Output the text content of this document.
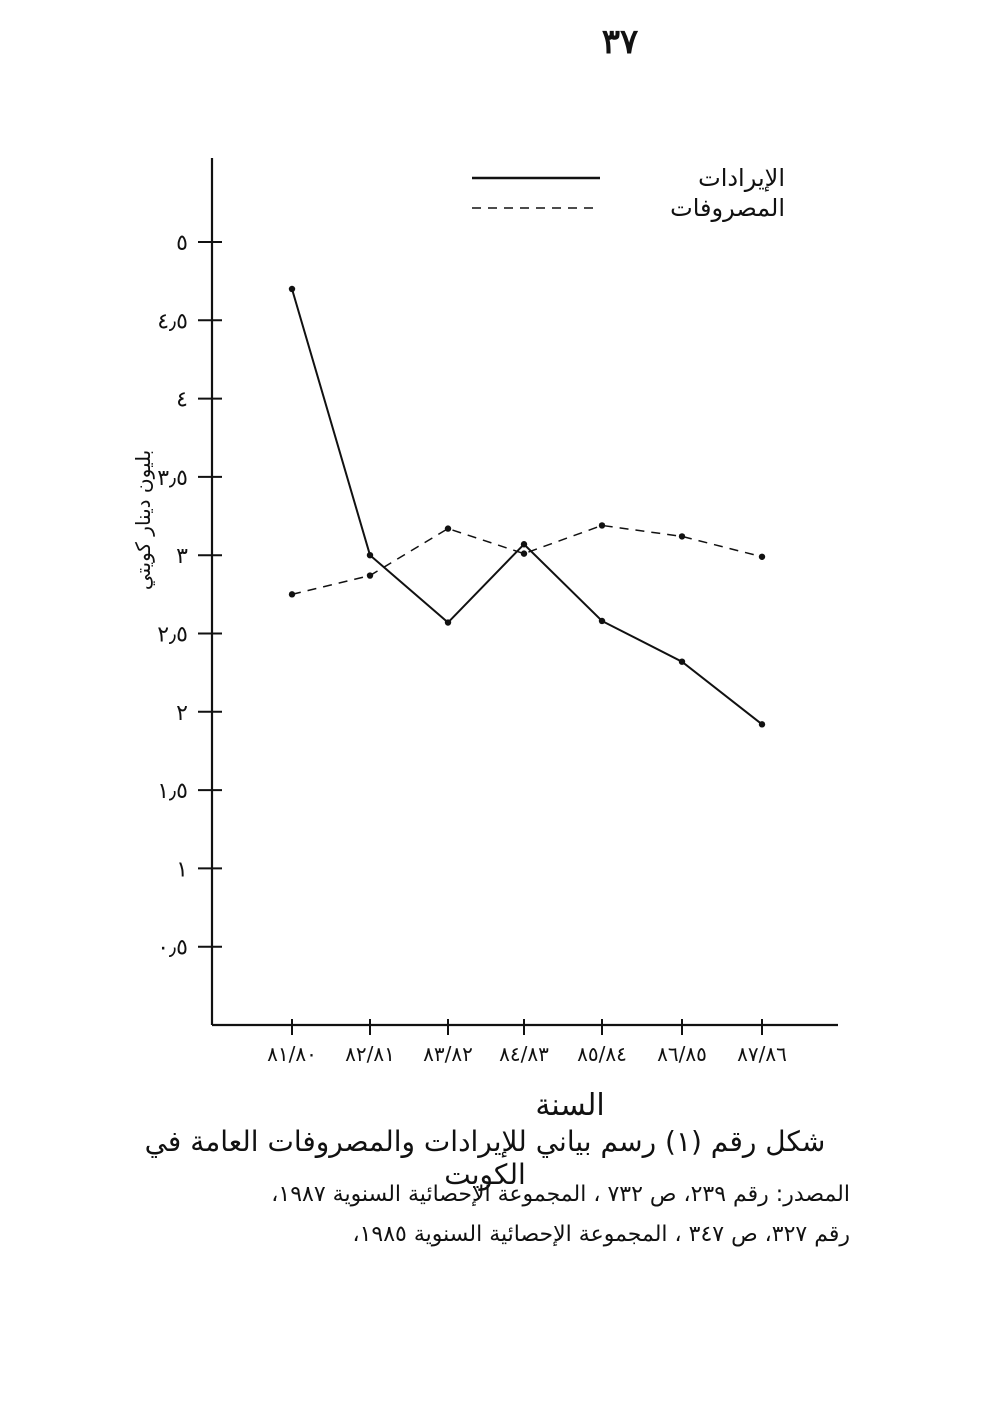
٣٧
٠٫٥
١
١٫٥
٢
٢٫٥
٣
٣٫٥
٤
٤٫٥
٥
٨١/٨٠ ٨٢/٨١ ٨٣/٨٢ ٨٤/٨٣ ٨٥/٨٤ ٨٦/٨٥ ٨٧/٨٦
الإيرادات
المصروفات
بليون دينار كويتي
السنة
شكل رقم (١) رسم بياني للإيرادات والمصروفات العامة في الكويت
المصدر: رقم ٢٣٩، ص ٧٣٢ ، المجموعة الإحصائية السنوية ١٩٨٧،
رقم ٣٢٧، ص ٣٤٧ ، المجموعة الإحصائية السنوية ١٩٨٥،
